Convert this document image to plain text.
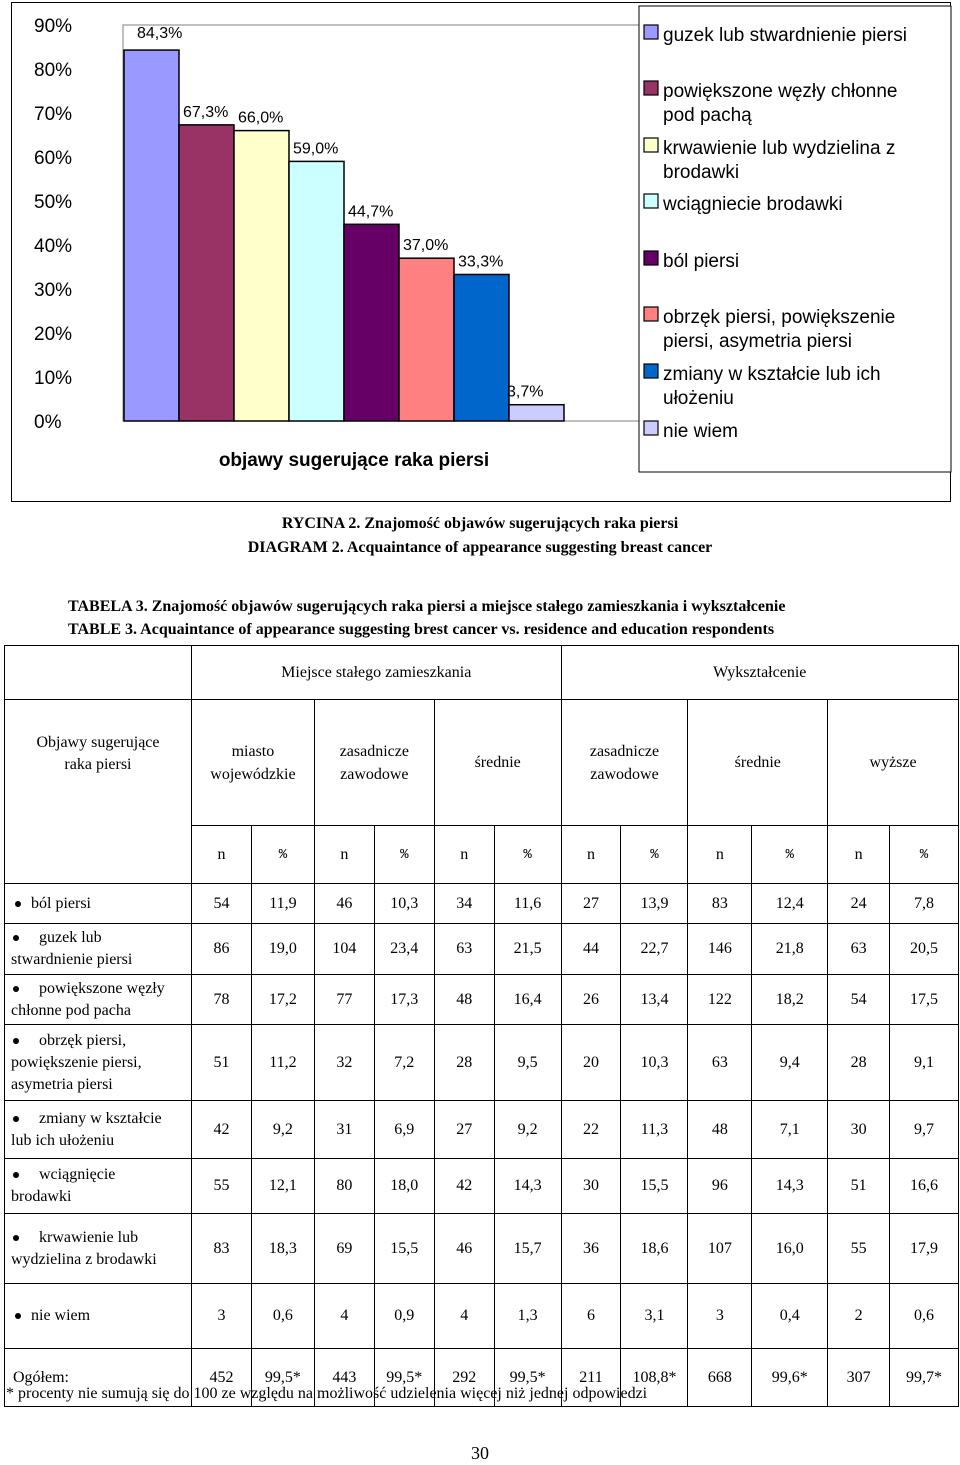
0%
10%
20%
30%
40%
50%
60%
70%
80%
90%	84,3%
67,3% 66,0%
59,0%
44,7%
37,0%
33,3%
3,7%
objawy sugerujące raka piersi
guzek lub stwardnienie piersi
powiększone węzły chłonne
pod pachą
krwawienie lub wydzielina z
brodawki
wciągniecie brodawki
ból piersi
obrzęk piersi, powiększenie
piersi, asymetria piersi
zmiany w kształcie lub ich
ułożeniu
nie wiem
RYCINA 2. Znajomość objawów sugerujących raka piersi
DIAGRAM 2. Acquaintance of appearance suggesting breast cancer
TABELA 3. Znajomość objawów sugerujących raka piersi a miejsce stałego zamieszkania i wykształcenie
TABLE 3. Acquaintance of appearance suggesting brest cancer vs. residence and education respondents
	Miejsce stałego zamieszkania						Wykształcenie					

Objawy sugerujące raka piersi	miasto wojewódzkie		zasadnicze zawodowe		średnie		zasadnicze zawodowe		średnie		wyższe	
	n	%	n	%	n	%	n	%	n	%	n	%
ból piersi	54	11,9	46	10,3	34	11,6	27	13,9	83	12,4	24	7,8

guzek lub stwardnienie piersi	86	19,0	104	23,4	63	21,5	44	22,7	146	21,8	63	20,5

powiększone węzły chłonne pod pacha	78	17,2	77	17,3	48	16,4	26	13,4	122	18,2	54	17,5

obrzęk piersi, powiększenie piersi, asymetria piersi	51	11,2	32	7,2	28	9,5	20	10,3	63	9,4	28	9,1

zmiany w kształcie lub ich ułożeniu	42	9,2	31	6,9	27	9,2	22	11,3	48	7,1	30	9,7

wciągnięcie brodawki	55	12,1	80	18,0	42	14,3	30	15,5	96	14,3	51	16,6

krwawienie lub wydzielina z brodawki	83	18,3	69	15,5	46	15,7	36	18,6	107	16,0	55	17,9
nie wiem	3	0,6	4	0,9	4	1,3	6	3,1	3	0,4	2	0,6
Ogółem:	452	99,5*	443	99,5*	292	99,5*	211	108,8*	668	99,6*	307	99,7*
* procenty nie sumują się do 100 ze względu na możliwość udzielenia więcej niż jednej odpowiedzi
30
